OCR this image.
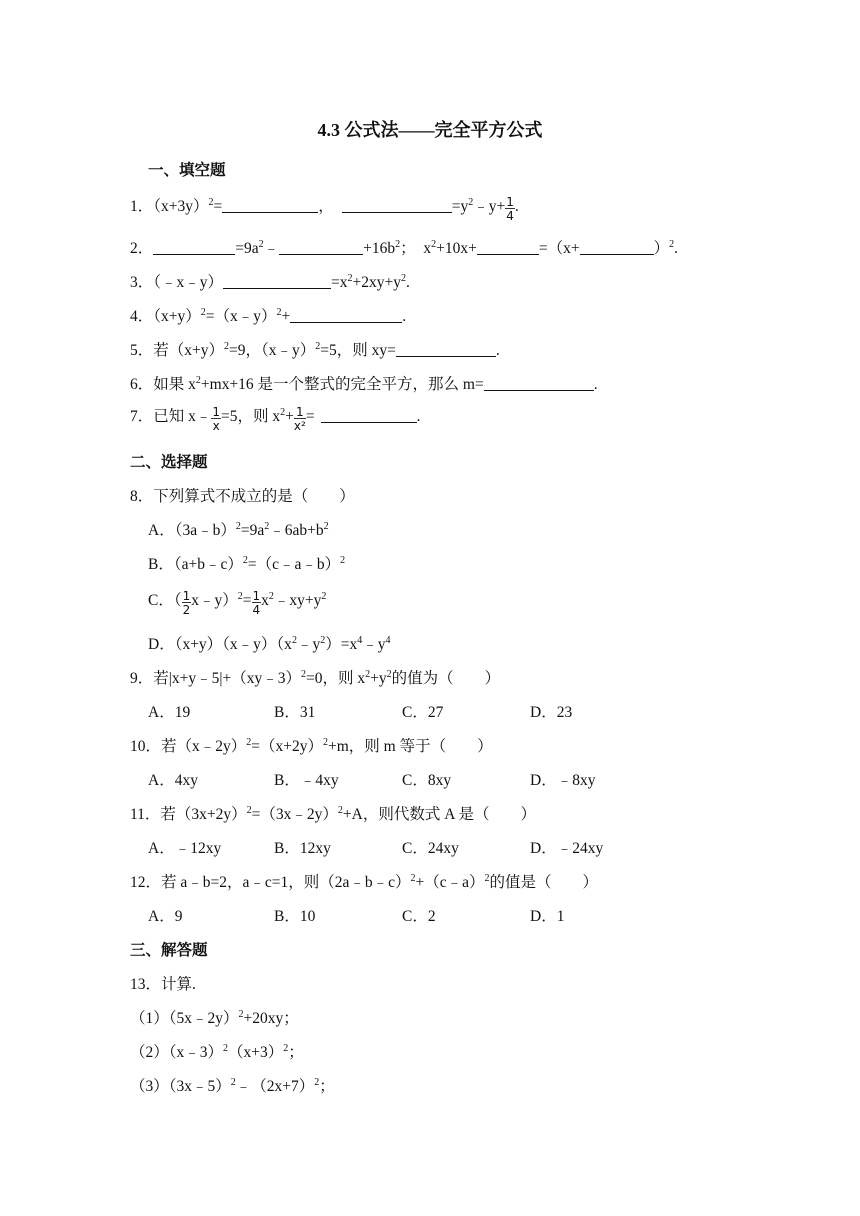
4.3 公式法——完全平方公式
一、填空题
1．$(x+3y)^2=$	，	$=y^2﹣y+ \frac{1}{4}$ .
2．	$=9a^2﹣$	$+16b^2$；　$x^2+10x+$	=（x+	）$^2$.
3．（﹣x﹣y）	$=x^2+2xy+y^2$.
4．$(x+y)^2=(x﹣y)^2+$	.
5．若$(x+y)^2=9$，（x﹣y）$^2$=5，则 xy=	.
6．如果 $x^2+mx+16$ 是一个整式的完全平方，那么 m=	.
7．已知 x﹣ $\frac{1}{x} =5$，则 $x^2+ \frac{1}{\text{x²}}$ =	.
二、选择题
8．下列算式不成立的是（　　）
A．$(3a﹣b)^2=9a^2﹣6ab+b^2$
B．（a+b﹣c）$^2$=（c﹣a﹣b）$^2$
C．（ $\frac{1}{2}$ x﹣y）$^2$= $\frac{1}{4}$ $x^2﹣xy+y^2$
D．$(x+y)(x﹣y)(x^2﹣y^2)=x^4﹣y^4$
9．若|x+y﹣5|+（xy﹣3）$^2$=0，则 $x^2+y^2$的值为（　　）
A．19	B．31	C．27	D．23
10．若$(x﹣2y)^2=(x+2y)^2+m$，则 m 等于（　　）
A．4xy	B．﹣4xy	C．8xy	D．﹣8xy
11．若$(3x+2y)^2=(3x﹣2y)^2+A$，则代数式 A 是（　　）
A．﹣12xy	B．12xy	C．24xy	D．﹣24xy
12．若 a﹣b=2，a﹣c=1，则（2a﹣b﹣c）$^2$+（c﹣a）$^2$的值是（　　）
A．9	B．10	C．2	D．1
三、解答题
13．计算.
（1）（5x﹣2y）$^2$+20xy；
$(2)(x﹣3)^2(x+3)^2$；
$(3)(3x﹣5)^2﹣(2x+7)^2$；
